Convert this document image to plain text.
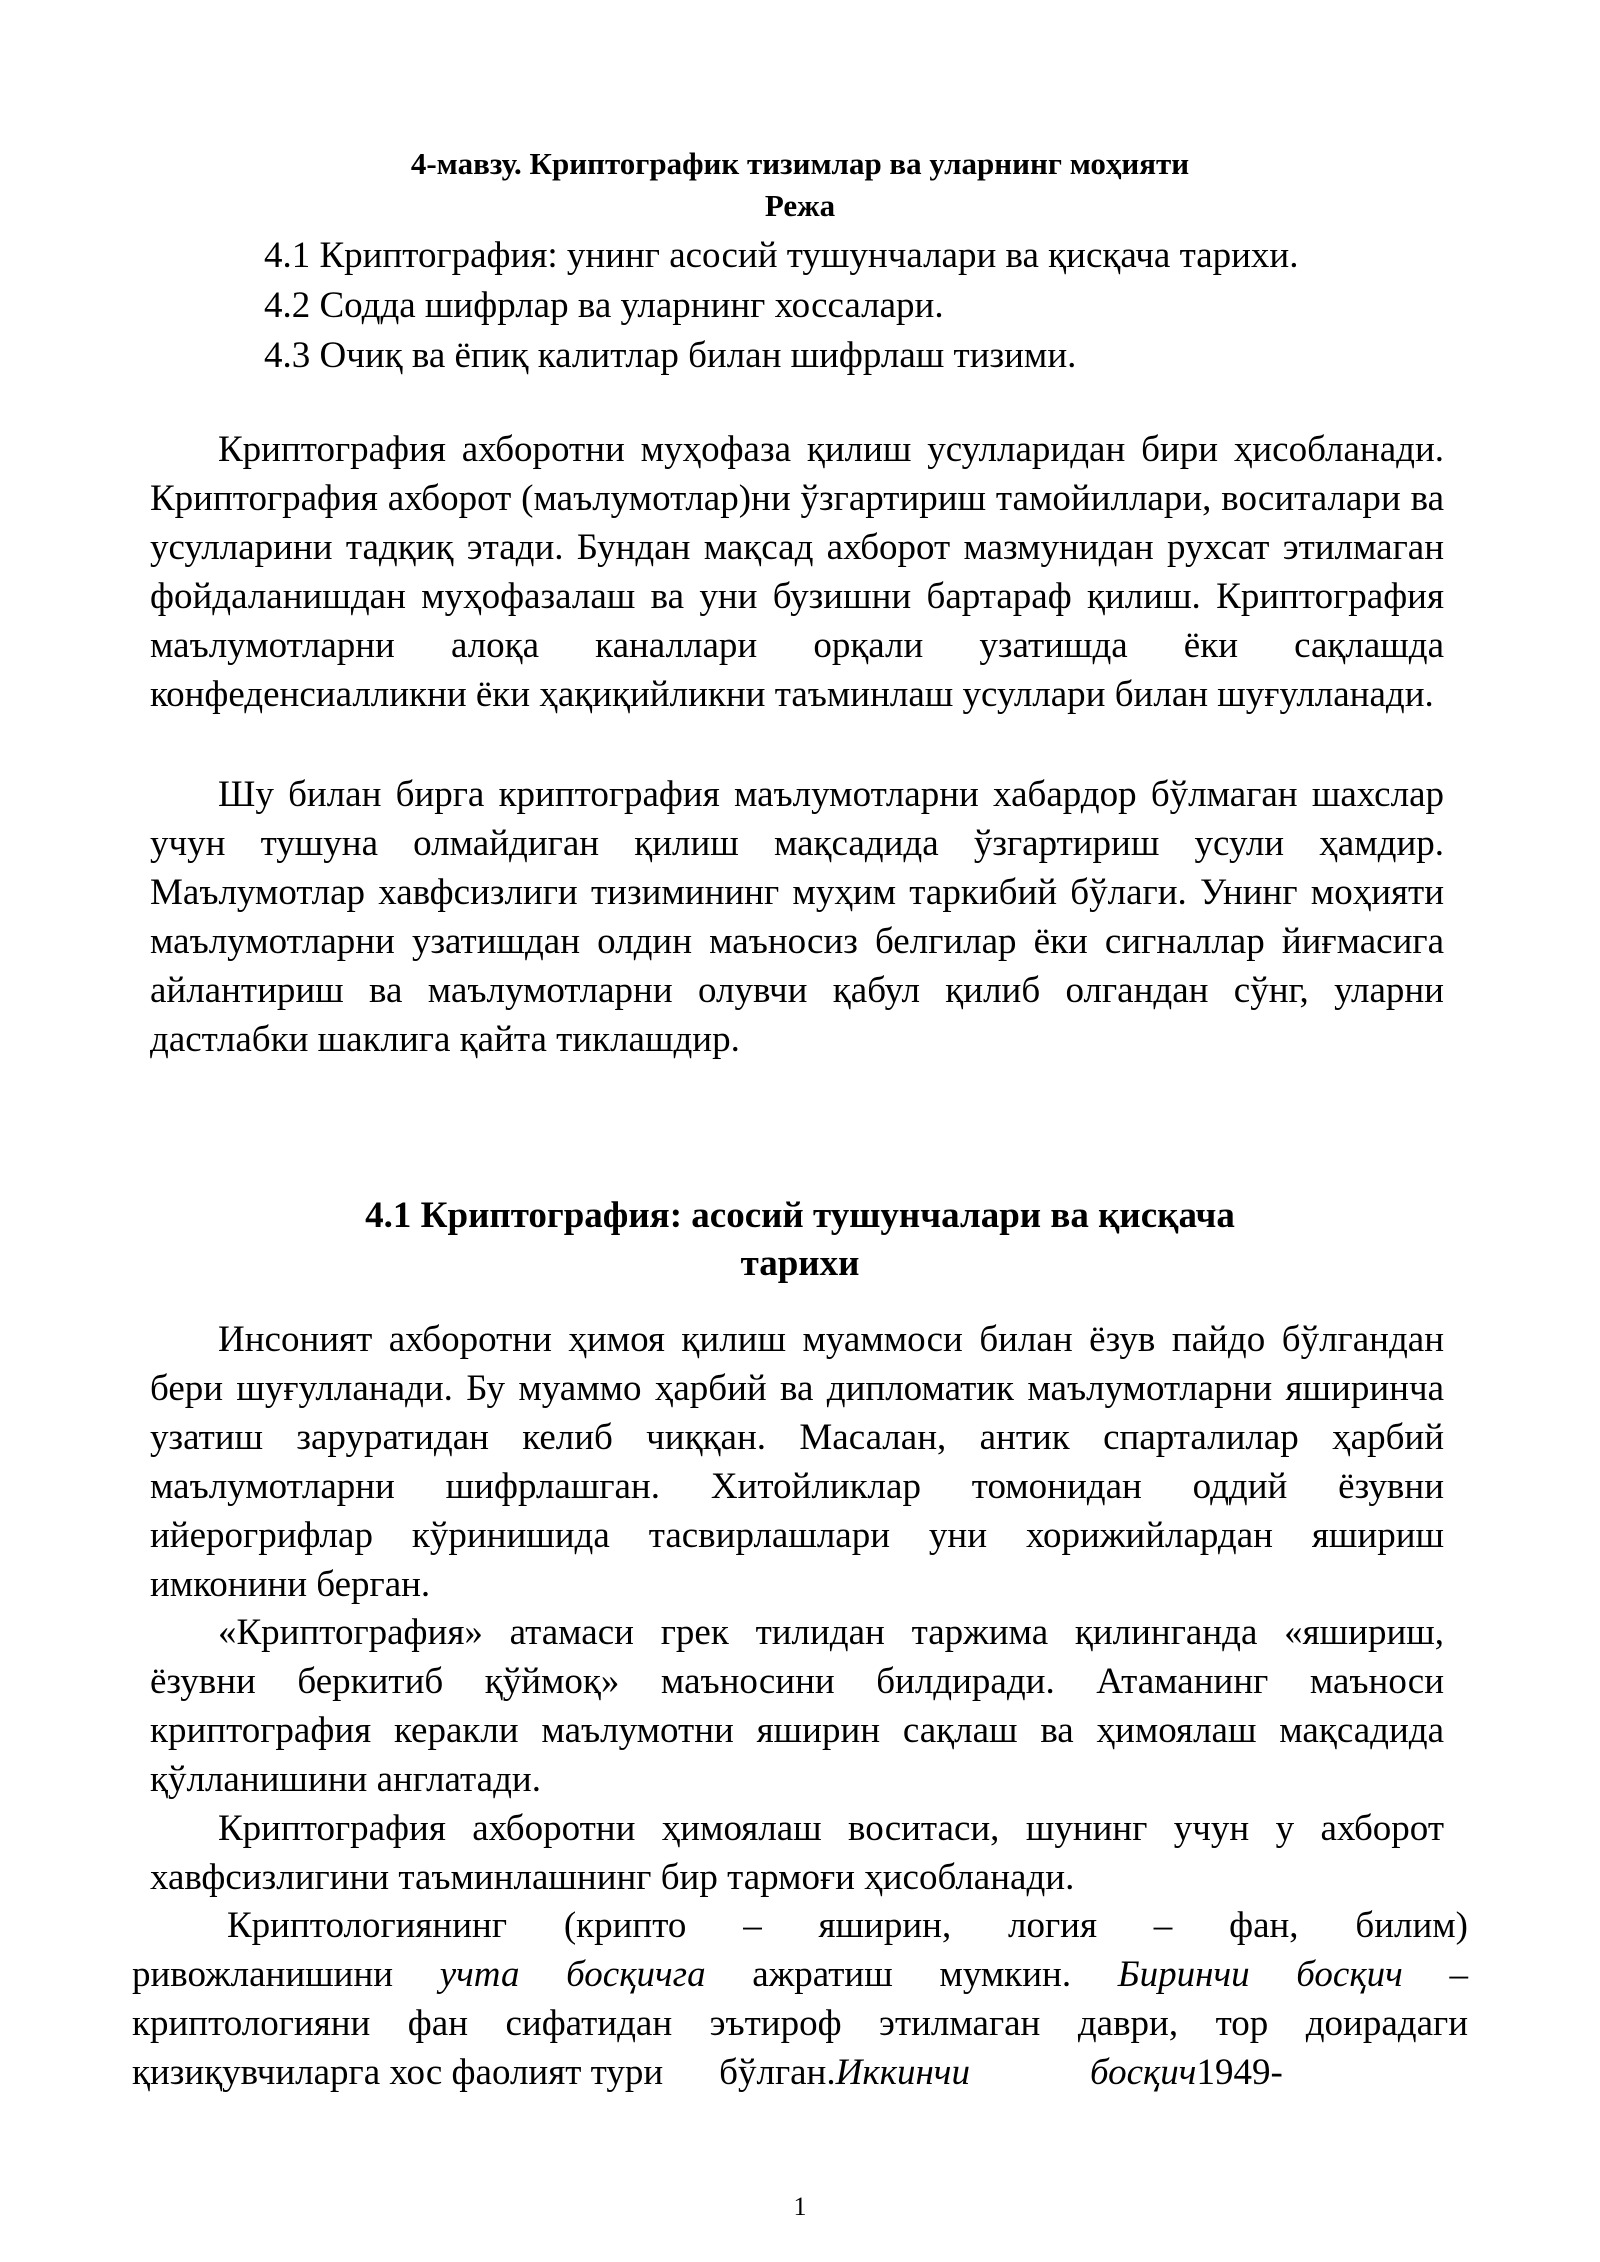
4-мавзу. Криптографик тизимлар ва уларнинг моҳияти

Режа

4.1 Криптография: унинг асосий тушунчалари ва қисқача тарихи.

4.2 Содда шифрлар ва уларнинг хоссалари.

4.3 Очиқ ва ёпиқ калитлар билан шифрлаш тизими.

Криптография ахборотни муҳофаза қилиш усулларидан бири ҳисобланади. Криптография ахборот (маълумотлар)ни ўзгартириш тамойиллари, воситалари ва усулларини тадқиқ этади. Бундан мақсад ахборот мазмунидан рухсат этилмаган фойдаланишдан муҳофазалаш ва уни бузишни бартараф қилиш. Криптография маълумотларни алоқа каналлари орқали узатишда ёки сақлашда конфеденсиалликни ёки ҳақиқийликни таъминлаш усуллари билан шуғулланади.

Шу билан бирга криптография маълумотларни хабардор бўлмаган шахслар учун тушуна олмайдиган қилиш мақсадида ўзгартириш усули ҳамдир. Маълумотлар хавфсизлиги тизимининг муҳим таркибий бўлаги. Унинг моҳияти маълумотларни узатишдан олдин маъносиз белгилар ёки сигналлар йиғмасига айлантириш ва маълумотларни олувчи қабул қилиб олгандан сўнг, уларни дастлабки шаклига қайта тиклашдир.

4.1 Криптография: асосий тушунчалари ва қисқача

тарихи

Инсоният ахборотни ҳимоя қилиш муаммоси билан ёзув пайдо бўлгандан бери шуғулланади. Бу муаммо ҳарбий ва дипломатик маълумотларни яширинча узатиш заруратидан келиб чиққан. Масалан, антик спарталилар ҳарбий маълумотларни шифрлашган. Хитойликлар томонидан оддий ёзувни ийерогрифлар кўринишида тасвирлашлари уни хорижийлардан яшириш имконини берган.

«Криптография» атамаси грек тилидан таржима қилинганда «яшириш, ёзувни беркитиб қўймоқ» маъносини билдиради. Атаманинг маъноси криптография керакли маълумотни яширин сақлаш ва ҳимоялаш мақсадида қўлланишини англатади.

Криптография ахборотни ҳимоялаш воситаси, шунинг учун у ахборот хавфсизлигини таъминлашнинг бир тармоғи ҳисобланади.

Криптологиянинг (крипто – яширин, логия – фан, билим)

ривожланишини учта босқичга ажратиш мумкин. Биринчи босқич –

криптологияни фан сифатидан эътироф этилмаган даври, тор доирадаги

қизиқувчиларга хос фаолият тури бўлган.Иккинчи	босқич1949-

1
